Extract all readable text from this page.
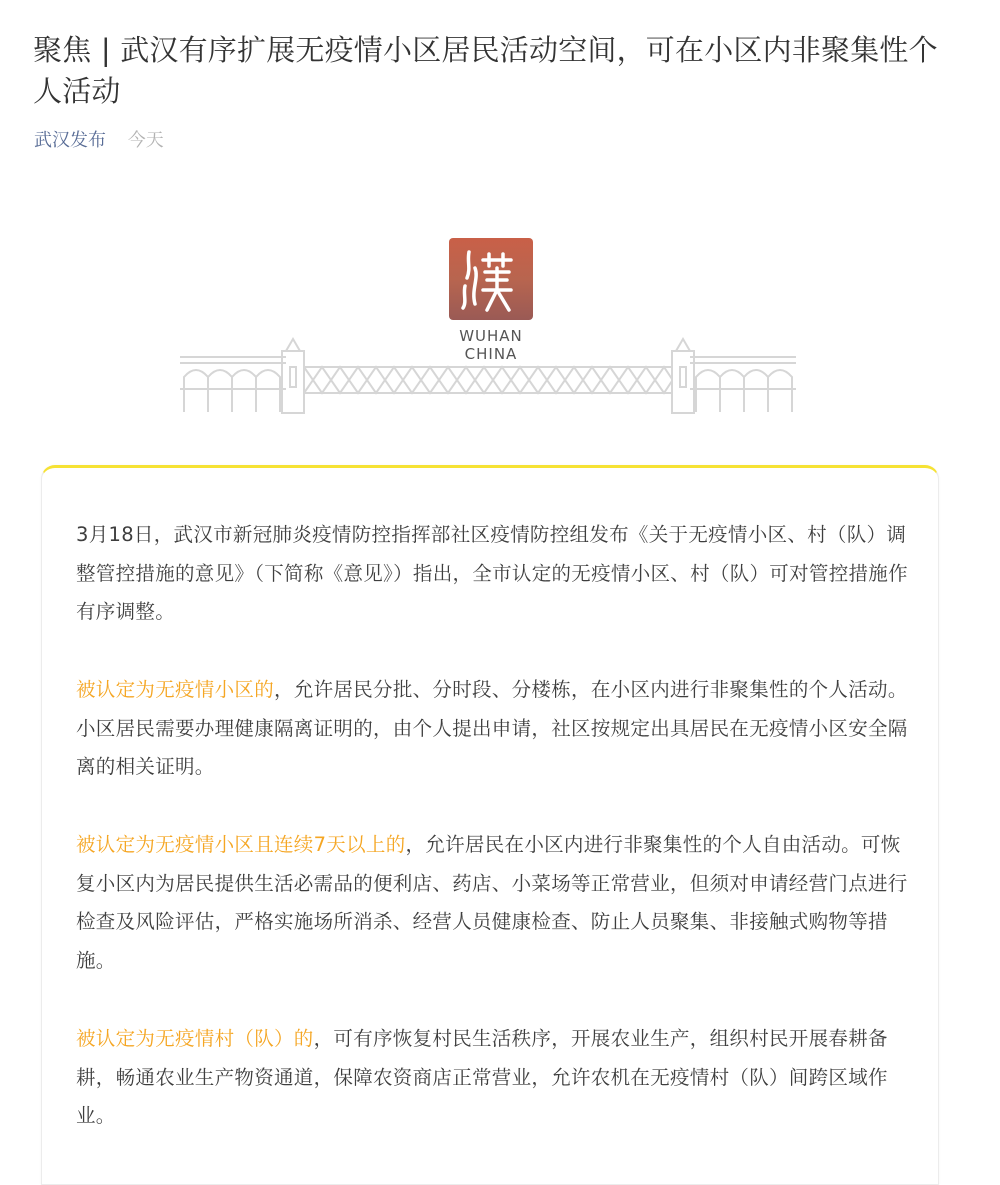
聚焦 | 武汉有序扩展无疫情小区居民活动空间，可在小区内非聚集性个人活动
武汉发布 今天
WUHAN
CHINA

3月18日，武汉市新冠肺炎疫情防控指挥部社区疫情防控组发布《关于无疫情小区、村（队）调整管控措施的意见》（下简称《意见》）指出，全市认定的无疫情小区、村（队）可对管控措施作有序调整。

被认定为无疫情小区的，允许居民分批、分时段、分楼栋，在小区内进行非聚集性的个人活动。小区居民需要办理健康隔离证明的，由个人提出申请，社区按规定出具居民在无疫情小区安全隔离的相关证明。

被认定为无疫情小区且连续7天以上的，允许居民在小区内进行非聚集性的个人自由活动。可恢复小区内为居民提供生活必需品的便利店、药店、小菜场等正常营业，但须对申请经营门点进行检查及风险评估，严格实施场所消杀、经营人员健康检查、防止人员聚集、非接触式购物等措施。

被认定为无疫情村（队）的，可有序恢复村民生活秩序，开展农业生产，组织村民开展春耕备耕，畅通农业生产物资通道，保障农资商店正常营业，允许农机在无疫情村（队）间跨区域作业。
